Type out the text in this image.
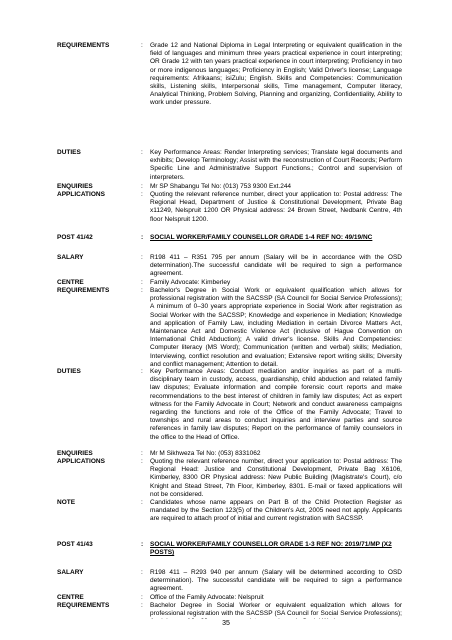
REQUIREMENTS	:	Grade 12 and National Diploma in Legal Interpreting or equivalent qualification in the field of languages and minimum three years practical experience in court interpreting; OR Grade 12 with ten years practical experience in court interpreting; Proficiency in two or more indigenous languages; Proficiency in English; Valid Driver's license; Language requirements: Afrikaans; isiZulu; English. Skills and Competencies: Communication skills, Listening skills, Interpersonal skills, Time management, Computer literacy, Analytical Thinking, Problem Solving, Planning and organizing, Confidentiality, Ability to work under pressure.
DUTIES	:	Key Performance Areas: Render Interpreting services; Translate legal documents and exhibits; Develop Terminology; Assist with the reconstruction of Court Records; Perform Specific Line and Administrative Support Functions.; Control and supervision of interpreters.
ENQUIRIES	:	Mr SP Shabangu Tel No: (013) 753 9300 Ext.244
APPLICATIONS	:	Quoting the relevant reference number, direct your application to: Postal address: The Regional Head, Department of Justice & Constitutional Development, Private Bag x11249, Nelspruit 1200 OR Physical address: 24 Brown Street, Nedbank Centre, 4th floor Nelspruit 1200.
POST 41/42	:	SOCIAL WORKER/FAMILY COUNSELLOR GRADE 1-4 REF NO: 49/19/NC
SALARY	:	R198 411 – R351 795 per annum (Salary will be in accordance with the OSD determination).The successful candidate will be required to sign a performance agreement.
CENTRE	:	Family Advocate: Kimberley
REQUIREMENTS	:	Bachelor's Degree in Social Work or equivalent qualification which allows for professional registration with the SACSSP (SA Council for Social Service Professions); A minimum of 0–30 years appropriate experience in Social Work after registration as Social Worker with the SACSSP; Knowledge and experience in Mediation; Knowledge and application of Family Law, including Mediation in certain Divorce Matters Act, Maintenance Act and Domestic Violence Act (inclusive of Hague Convention on International Child Abduction); A valid driver's license. Skills And Competencies: Computer literacy (MS Word); Communication (written and verbal) skills; Mediation, Interviewing, conflict resolution and evaluation; Extensive report writing skills; Diversity and conflict management; Attention to detail.
DUTIES	:	Key Performance Areas: Conduct mediation and/or inquiries as part of a multi-disciplinary team in custody, access, guardianship, child abduction and related family law disputes; Evaluate information and compile forensic court reports and make recommendations to the best interest of children in family law disputes; Act as expert witness for the Family Advocate in Court; Network and conduct awareness campaigns regarding the functions and role of the Office of the Family Advocate; Travel to townships and rural areas to conduct inquiries and interview parties and source references in family law disputes; Report on the performance of family counselors in the office to the Head of Office.
ENQUIRIES	:	Mr M Sikhweza Tel No: (053) 8331062
APPLICATIONS	:	Quoting the relevant reference number, direct your application to: Postal address: The Regional Head: Justice and Constitutional Development, Private Bag X6106, Kimberley, 8300 OR Physical address: New Public Building (Magistrate's Court), c/o Knight and Stead Street, 7th Floor, Kimberley, 8301. E-mail or faxed applications will not be considered.
NOTE	:	Candidates whose name appears on Part B of the Child Protection Register as mandated by the Section 123(5) of the Children's Act, 2005 need not apply. Applicants are required to attach proof of initial and current registration with SACSSP.
POST 41/43	:	SOCIAL WORKER/FAMILY COUNSELLOR GRADE 1-3 REF NO: 2019/71/MP (X2 POSTS)
SALARY	:	R198 411 – R293 940 per annum (Salary will be determined according to OSD determination). The successful candidate will be required to sign a performance agreement.
CENTRE	:	Office of the Family Advocate: Nelspruit
REQUIREMENTS	:	Bachelor Degree in Social Worker or equivalent equalization which allows for professional registration with the SACSSP (SA Council for Social Service Professions);
35
